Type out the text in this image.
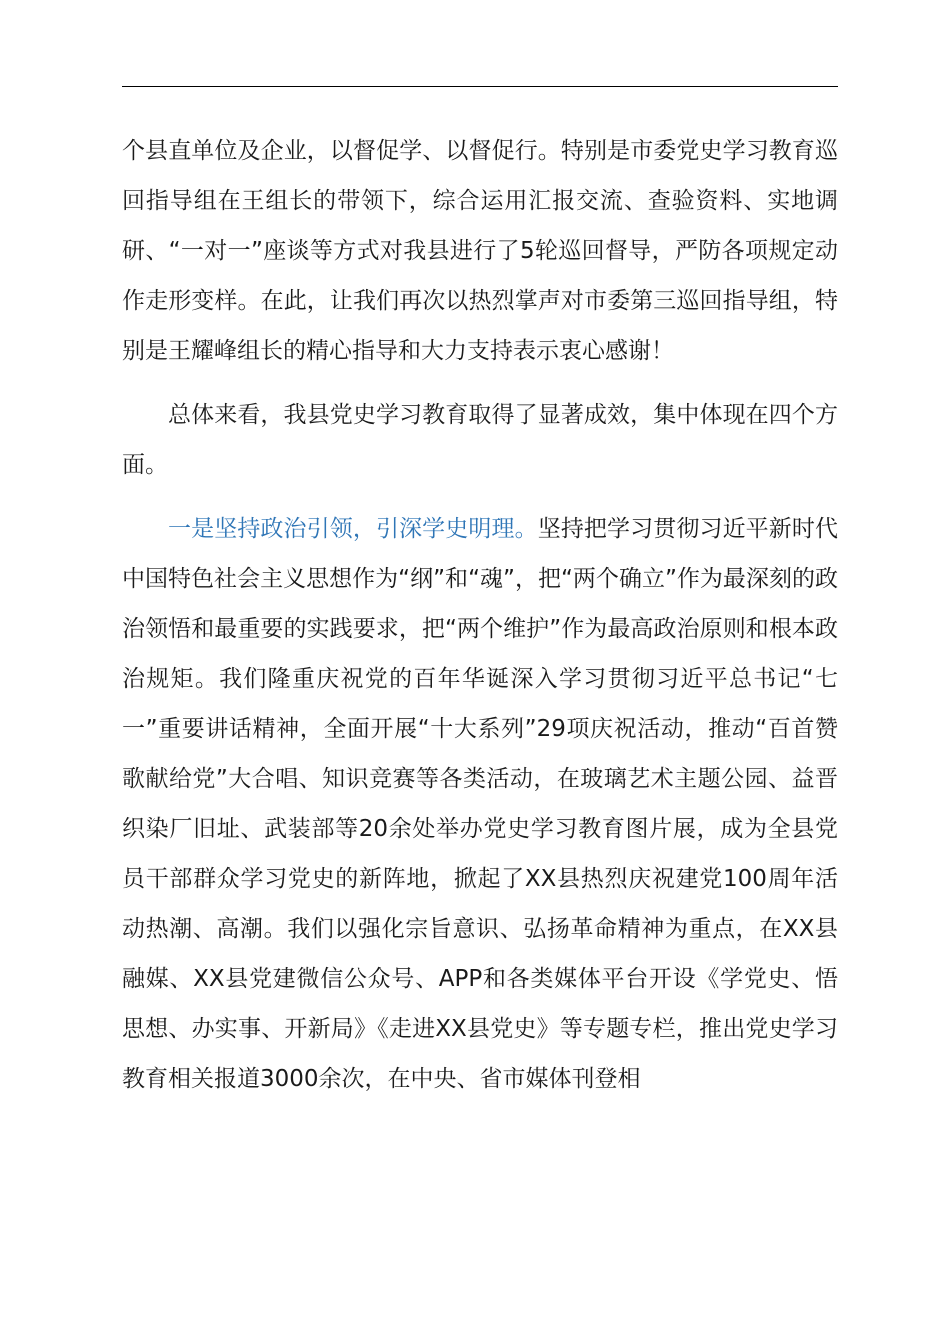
个县直单位及企业，以督促学、以督促行。特别是市委党史学习教育巡回指导组在王组长的带领下，综合运用汇报交流、查验资料、实地调研、“一对一”座谈等方式对我县进行了5轮巡回督导，严防各项规定动作走形变样。在此，让我们再次以热烈掌声对市委第三巡回指导组，特别是王耀峰组长的精心指导和大力支持表示衷心感谢！

总体来看，我县党史学习教育取得了显著成效，集中体现在四个方面。

一是坚持政治引领，引深学史明理。坚持把学习贯彻习近平新时代中国特色社会主义思想作为“纲”和“魂”，把“两个确立”作为最深刻的政治领悟和最重要的实践要求，把“两个维护”作为最高政治原则和根本政治规矩。我们隆重庆祝党的百年华诞深入学习贯彻习近平总书记“七一”重要讲话精神，全面开展“十大系列”29项庆祝活动，推动“百首赞歌献给党”大合唱、知识竞赛等各类活动，在玻璃艺术主题公园、益晋织染厂旧址、武装部等20余处举办党史学习教育图片展，成为全县党员干部群众学习党史的新阵地，掀起了XX县热烈庆祝建党100周年活动热潮、高潮。我们以强化宗旨意识、弘扬革命精神为重点，在XX县融媒、XX县党建微信公众号、APP和各类媒体平台开设《学党史、悟思想、办实事、开新局》《走进XX县党史》等专题专栏，推出党史学习教育相关报道3000余次，在中央、省市媒体刊登相
